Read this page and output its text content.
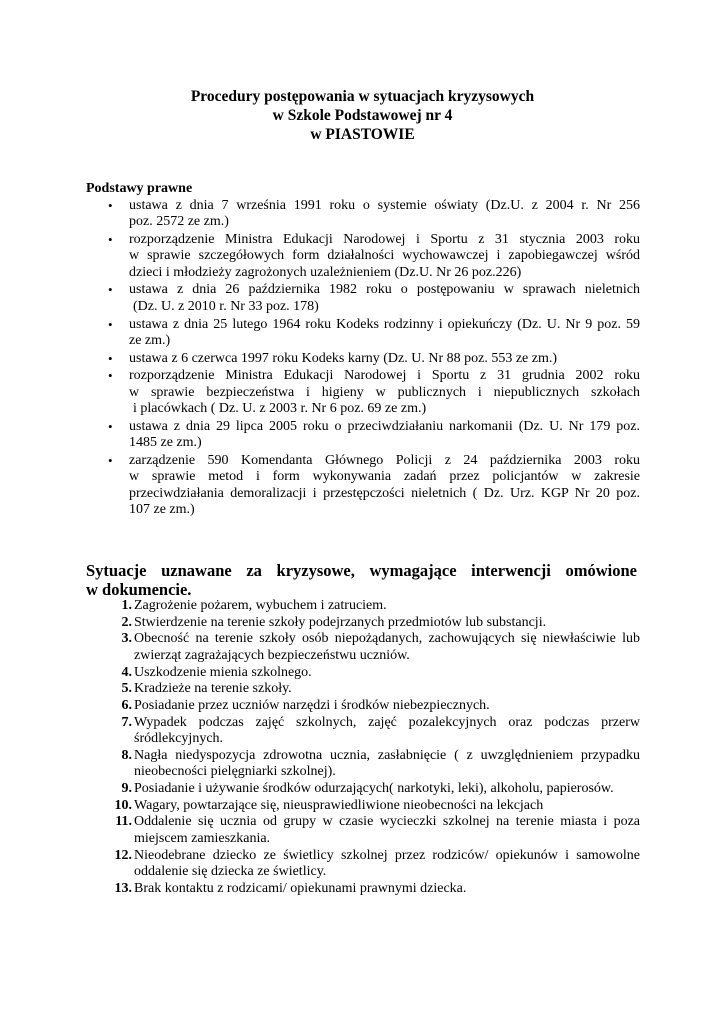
Procedury postępowania w sytuacjach kryzysowych
w Szkole Podstawowej nr 4
w PIASTOWIE
Podstawy prawne
• ustawa z dnia 7 września 1991 roku o systemie oświaty (Dz.U. z 2004 r. Nr 256
poz. 2572 ze zm.)
• rozporządzenie Ministra Edukacji Narodowej i Sportu z 31 stycznia 2003 roku
w sprawie szczegółowych form działalności wychowawczej i zapobiegawczej wśród
dzieci i młodzieży zagrożonych uzależnieniem (Dz.U. Nr 26 poz.226)
• ustawa z dnia 26 października 1982 roku o postępowaniu w sprawach nieletnich
(Dz. U. z 2010 r. Nr 33 poz. 178)
• ustawa z dnia 25 lutego 1964 roku Kodeks rodzinny i opiekuńczy (Dz. U. Nr 9 poz. 59
ze zm.)
• ustawa z 6 czerwca 1997 roku Kodeks karny (Dz. U. Nr 88 poz. 553 ze zm.)
• rozporządzenie Ministra Edukacji Narodowej i Sportu z 31 grudnia 2002 roku
w sprawie bezpieczeństwa i higieny w publicznych i niepublicznych szkołach
i placówkach ( Dz. U. z 2003 r. Nr 6 poz. 69 ze zm.)
• ustawa z dnia 29 lipca 2005 roku o przeciwdziałaniu narkomanii (Dz. U. Nr 179 poz.
1485 ze zm.)
• zarządzenie 590 Komendanta Głównego Policji z 24 października 2003 roku
w sprawie metod i form wykonywania zadań przez policjantów w zakresie
przeciwdziałania demoralizacji i przestępczości nieletnich ( Dz. Urz. KGP Nr 20 poz.
107 ze zm.)
Sytuacje uznawane za kryzysowe, wymagające interwencji omówione
w dokumencie.
1. Zagrożenie pożarem, wybuchem i zatruciem.
2. Stwierdzenie na terenie szkoły podejrzanych przedmiotów lub substancji.
3. Obecność na terenie szkoły osób niepożądanych, zachowujących się niewłaściwie lub
zwierząt zagrażających bezpieczeństwu uczniów.
4. Uszkodzenie mienia szkolnego.
5. Kradzieże na terenie szkoły.
6. Posiadanie przez uczniów narzędzi i środków niebezpiecznych.
7. Wypadek podczas zajęć szkolnych, zajęć pozalekcyjnych oraz podczas przerw
śródlekcyjnych.
8. Nagła niedyspozycja zdrowotna ucznia, zasłabnięcie ( z uwzględnieniem przypadku
nieobecności pielęgniarki szkolnej).
9. Posiadanie i używanie środków odurzających( narkotyki, leki), alkoholu, papierosów.
10. Wagary, powtarzające się, nieusprawiedliwione nieobecności na lekcjach
11. Oddalenie się ucznia od grupy w czasie wycieczki szkolnej na terenie miasta i poza
miejscem zamieszkania.
12. Nieodebrane dziecko ze świetlicy szkolnej przez rodziców/ opiekunów i samowolne
oddalenie się dziecka ze świetlicy.
13. Brak kontaktu z rodzicami/ opiekunami prawnymi dziecka.
